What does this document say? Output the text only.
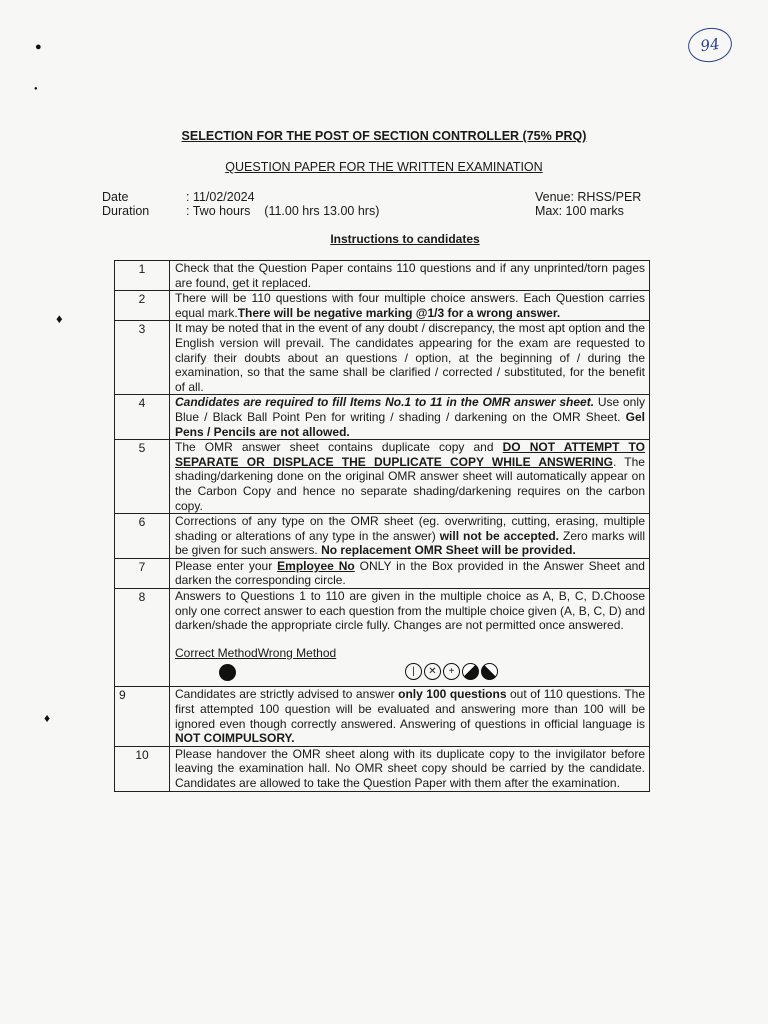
●
●
♦
♦
94
SELECTION FOR THE POST OF SECTION CONTROLLER (75% PRQ)
QUESTION PAPER FOR THE WRITTEN EXAMINATION
Date	: 11/02/2024
Duration	: Two hours    (11.00 hrs 13.00 hrs)
Venue: RHSS/PER
Max: 100 marks
Instructions to candidates
1	Check that the Question Paper contains 110 questions and if any unprinted/torn pages are found, get it replaced.
2	There will be 110 questions with four multiple choice answers. Each Question carries equal mark.There will be negative marking @1/3 for a wrong answer.
3	It may be noted that in the event of any doubt / discrepancy, the most apt option and the English version will prevail. The candidates appearing for the exam are requested to clarify their doubts about an questions / option, at the beginning of / during the examination, so that the same shall be clarified / corrected / substituted, for the benefit of all.
4	Candidates are required to fill Items No.1 to 11 in the OMR answer sheet. Use only Blue / Black Ball Point Pen for writing / shading / darkening on the OMR Sheet. Gel Pens / Pencils are not allowed.
5	The OMR answer sheet contains duplicate copy and DO NOT ATTEMPT TO SEPARATE OR DISPLACE THE DUPLICATE COPY WHILE ANSWERING. The shading/darkening done on the original OMR answer sheet will automatically appear on the Carbon Copy and hence no separate shading/darkening requires on the carbon copy.
6	Corrections of any type on the OMR sheet (eg. overwriting, cutting, erasing, multiple shading or alterations of any type in the answer) will not be accepted. Zero marks will be given for such answers. No replacement OMR Sheet will be provided.
7	Please enter your Employee No ONLY in the Box provided in the Answer Sheet and darken the corresponding circle.
8	Answers to Questions 1 to 110 are given in the multiple choice as A, B, C, D.Choose only one correct answer to each question from the multiple choice given (A, B, C, D) and darken/shade the appropriate circle fully. Changes are not permitted once answered.
Correct MethodWrong Method
| ✕ +

9	Candidates are strictly advised to answer only 100 questions out of 110 questions. The first attempted 100 question will be evaluated and answering more than 100 will be ignored even though correctly answered. Answering of questions in official language is NOT COIMPULSORY.
10	Please handover the OMR sheet along with its duplicate copy to the invigilator before leaving the examination hall. No OMR sheet copy should be carried by the candidate. Candidates are allowed to take the Question Paper with them after the examination.
